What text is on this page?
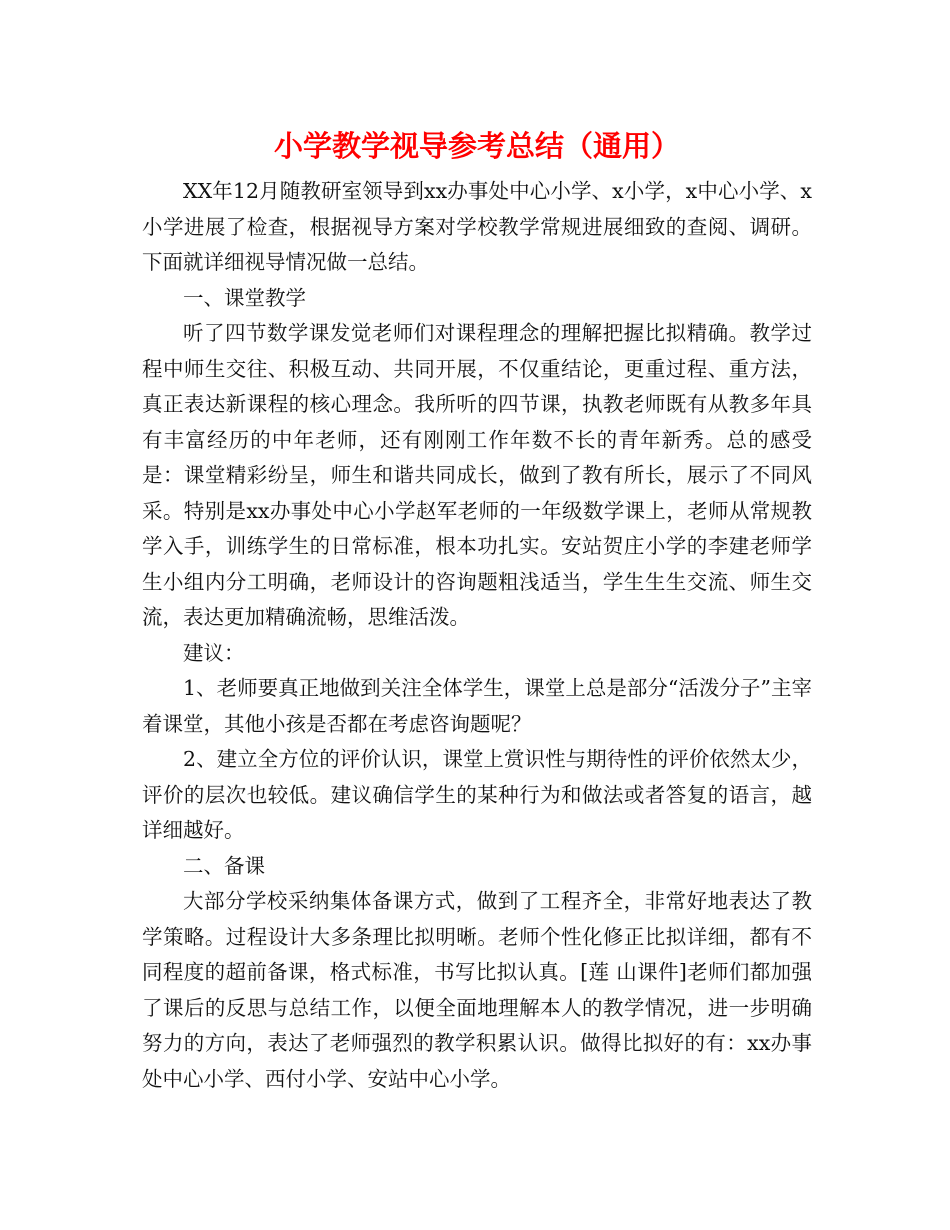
小学教学视导参考总结（通用）

XX年12月随教研室领导到xx办事处中心小学、x小学，x中心小学、x小学进展了检查，根据视导方案对学校教学常规进展细致的查阅、调研。下面就详细视导情况做一总结。

一、课堂教学

听了四节数学课发觉老师们对课程理念的理解把握比拟精确。教学过程中师生交往、积极互动、共同开展，不仅重结论，更重过程、重方法，真正表达新课程的核心理念。我所听的四节课，执教老师既有从教多年具有丰富经历的中年老师，还有刚刚工作年数不长的青年新秀。总的感受是：课堂精彩纷呈，师生和谐共同成长，做到了教有所长，展示了不同风采。特别是xx办事处中心小学赵军老师的一年级数学课上，老师从常规教学入手，训练学生的日常标准，根本功扎实。安站贺庄小学的李建老师学生小组内分工明确，老师设计的咨询题粗浅适当，学生生生交流、师生交流，表达更加精确流畅，思维活泼。

建议：

1、老师要真正地做到关注全体学生，课堂上总是部分“活泼分子”主宰着课堂，其他小孩是否都在考虑咨询题呢？

2、建立全方位的评价认识，课堂上赏识性与期待性的评价依然太少，评价的层次也较低。建议确信学生的某种行为和做法或者答复的语言，越详细越好。

二、备课

大部分学校采纳集体备课方式，做到了工程齐全，非常好地表达了教学策略。过程设计大多条理比拟明晰。老师个性化修正比拟详细，都有不同程度的超前备课，格式标准，书写比拟认真。[莲 山课件]老师们都加强了课后的反思与总结工作，以便全面地理解本人的教学情况，进一步明确努力的方向，表达了老师强烈的教学积累认识。做得比拟好的有：xx办事处中心小学、西付小学、安站中心小学。
